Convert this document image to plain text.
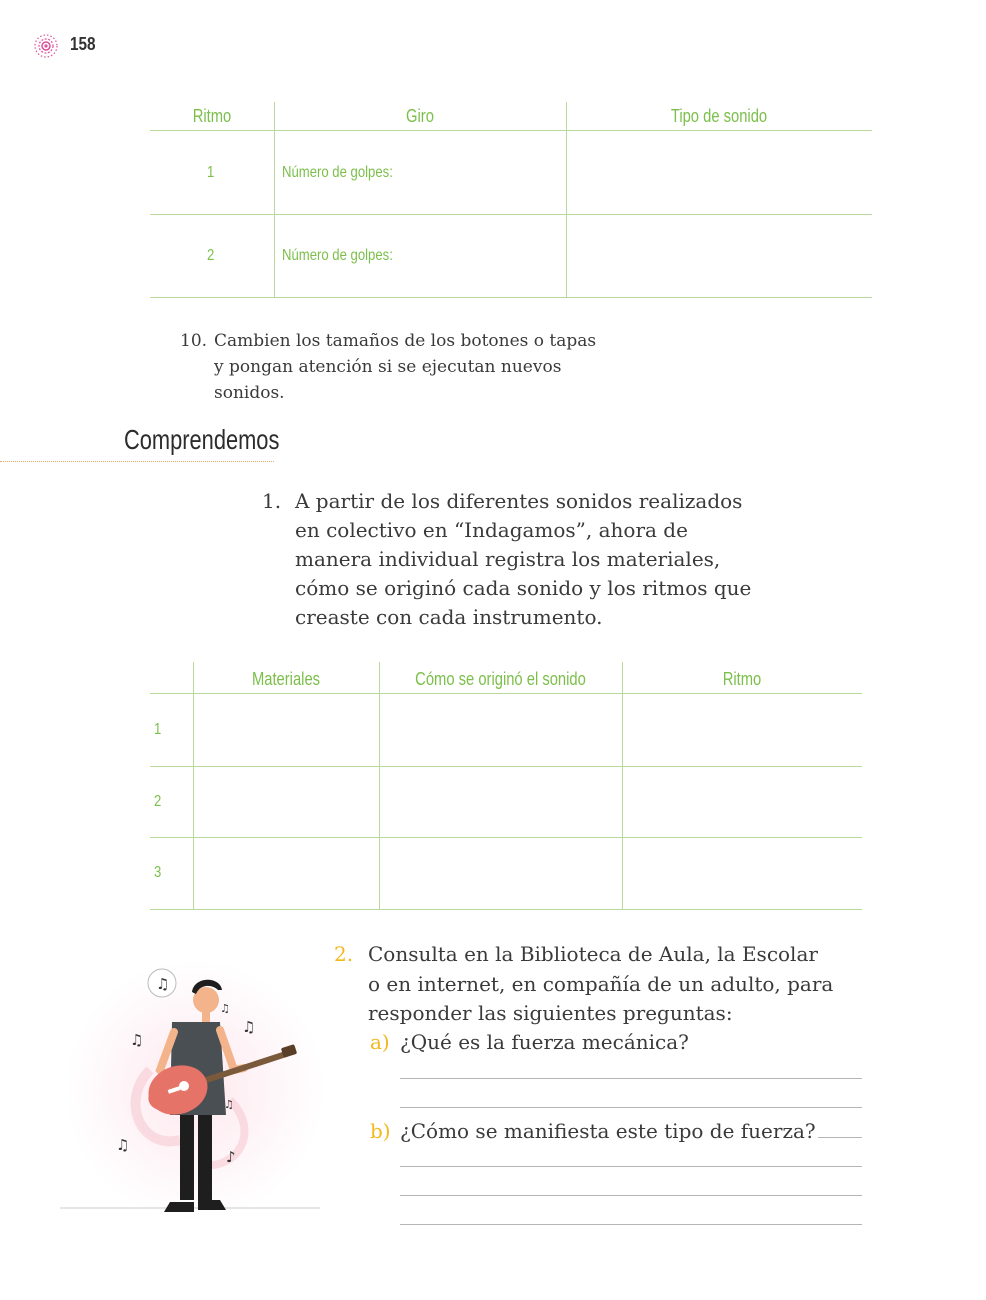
158
Ritmo	Giro	Tipo de sonido
1	Número de golpes:
2	Número de golpes:
10. Cambien los tamaños de los botones o tapas
y pongan atención si se ejecutan nuevos
sonidos.
Comprendemos
1. A partir de los diferentes sonidos realizados
en colectivo en “Indagamos”, ahora de
manera individual registra los materiales,
cómo se originó cada sonido y los ritmos que
creaste con cada instrumento.
Materiales	Cómo se originó el sonido	Ritmo
1
2
3
♫
♫
♫
♫
♫
♪
♫
2. Consulta en la Biblioteca de Aula, la Escolar
o en internet, en compañía de un adulto, para
responder las siguientes preguntas:
a) ¿Qué es la fuerza mecánica?
b) ¿Cómo se manifiesta este tipo de fuerza?
